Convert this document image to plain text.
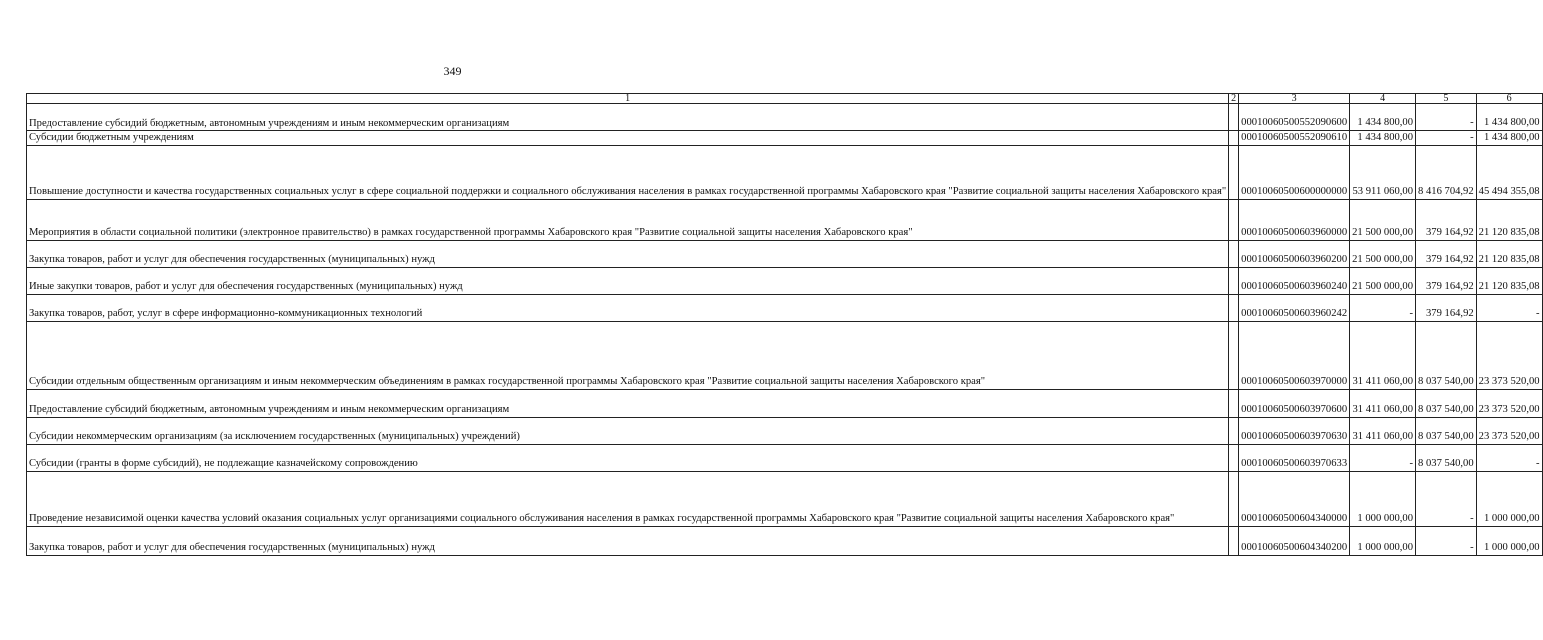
349
1	2	3	4	5	6
Предоставление субсидий бюджетным, автономным учреждениям и иным некоммерческим организациям		00010060500552090600	1 434 800,00	-	1 434 800,00
Субсидии бюджетным учреждениям		00010060500552090610	1 434 800,00	-	1 434 800,00
Повышение доступности и качества государственных социальных услуг в сфере социальной поддержки и социального обслуживания населения в рамках государственной программы Хабаровского края "Развитие социальной защиты населения Хабаровского края"		00010060500600000000	53 911 060,00	8 416 704,92	45 494 355,08
Мероприятия в области социальной политики (электронное правительство) в рамках государственной программы Хабаровского края "Развитие социальной защиты населения Хабаровского края"		00010060500603960000	21 500 000,00	379 164,92	21 120 835,08
Закупка товаров, работ и услуг для обеспечения государственных (муниципальных) нужд		00010060500603960200	21 500 000,00	379 164,92	21 120 835,08
Иные закупки товаров, работ и услуг для обеспечения государственных (муниципальных) нужд		00010060500603960240	21 500 000,00	379 164,92	21 120 835,08
Закупка товаров, работ, услуг в сфере информационно-коммуникационных технологий		00010060500603960242	-	379 164,92	-
Субсидии отдельным общественным организациям и иным некоммерческим объединениям в рамках государственной программы Хабаровского края "Развитие социальной защиты населения Хабаровского края"		00010060500603970000	31 411 060,00	8 037 540,00	23 373 520,00
Предоставление субсидий бюджетным, автономным учреждениям и иным некоммерческим организациям		00010060500603970600	31 411 060,00	8 037 540,00	23 373 520,00
Субсидии некоммерческим организациям (за исключением государственных (муниципальных) учреждений)		00010060500603970630	31 411 060,00	8 037 540,00	23 373 520,00
Субсидии (гранты в форме субсидий), не подлежащие казначейскому сопровождению		00010060500603970633	-	8 037 540,00	-
Проведение независимой оценки качества условий оказания социальных услуг организациями социального обслуживания населения в рамках государственной программы Хабаровского края "Развитие социальной защиты населения Хабаровского края"		00010060500604340000	1 000 000,00	-	1 000 000,00
Закупка товаров, работ и услуг для обеспечения государственных (муниципальных) нужд		00010060500604340200	1 000 000,00	-	1 000 000,00
